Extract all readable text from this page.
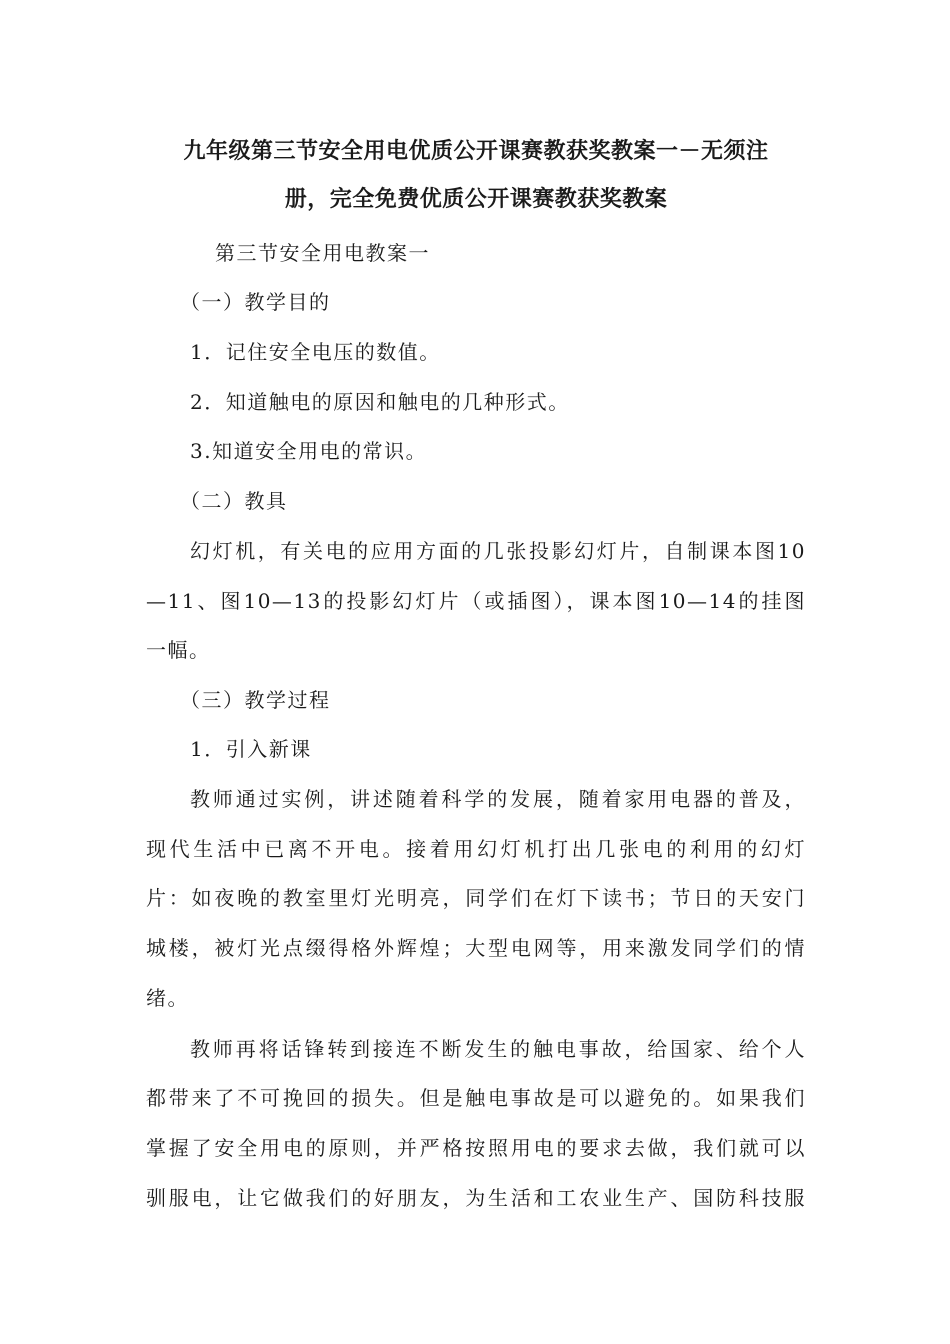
九年级第三节安全用电优质公开课赛教获奖教案一－无须注
册，完全免费优质公开课赛教获奖教案
第三节安全用电教案一
（一）教学目的
1．记住安全电压的数值。
2．知道触电的原因和触电的几种形式。
3.知道安全用电的常识。
（二）教具
幻灯机，有关电的应用方面的几张投影幻灯片，自制课本图10
—11、图10—13的投影幻灯片（或插图），课本图10—14的挂图
一幅。
（三）教学过程
1．引入新课
教师通过实例，讲述随着科学的发展，随着家用电器的普及，
现代生活中已离不开电。接着用幻灯机打出几张电的利用的幻灯
片：如夜晚的教室里灯光明亮，同学们在灯下读书；节日的天安门
城楼，被灯光点缀得格外辉煌；大型电网等，用来激发同学们的情
绪。
教师再将话锋转到接连不断发生的触电事故，给国家、给个人
都带来了不可挽回的损失。但是触电事故是可以避免的。如果我们
掌握了安全用电的原则，并严格按照用电的要求去做，我们就可以
驯服电，让它做我们的好朋友，为生活和工农业生产、国防科技服
